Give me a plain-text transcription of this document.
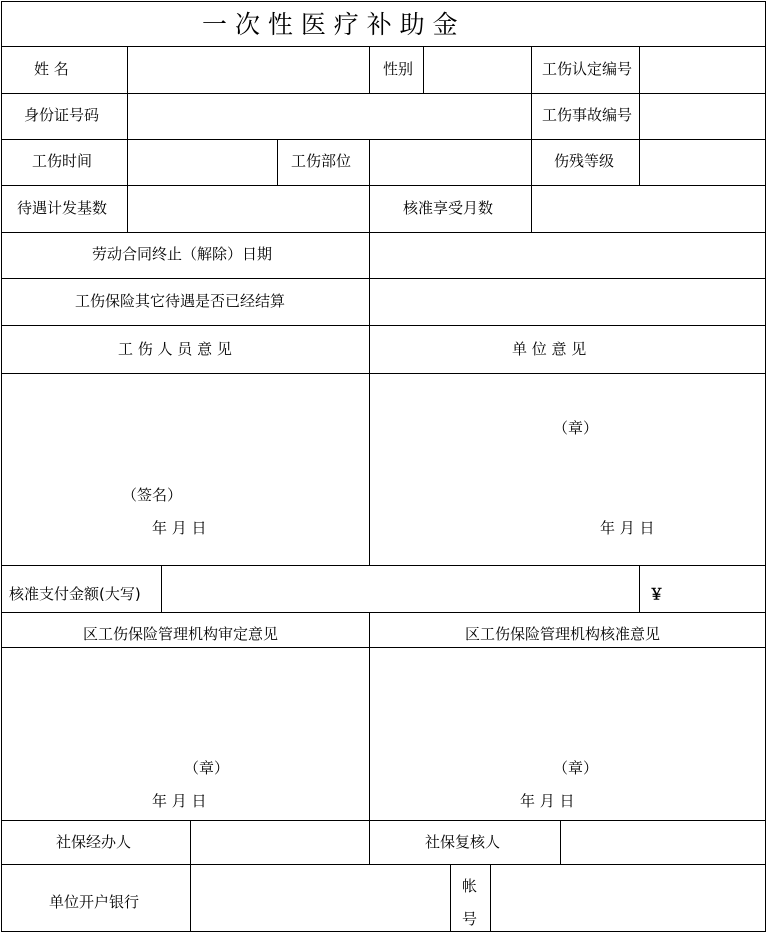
一 次 性 医 疗 补 助 金
姓 名	性别	工伤认定编号
身份证号码	工伤事故编号
工伤时间	工伤部位	伤残等级
待遇计发基数	核准享受月数
劳动合同终止（解除）日期
工伤保险其它待遇是否已经结算
工 伤 人 员 意 见	单 位 意 见
（签名）
年 月 日
（章）
年 月 日
核准支付金额(大写)	￥
区工伤保险管理机构审定意见	区工伤保险管理机构核准意见
（章）
年 月 日
（章）
年 月 日
社保经办人	社保复核人
单位开户银行
帐
号
